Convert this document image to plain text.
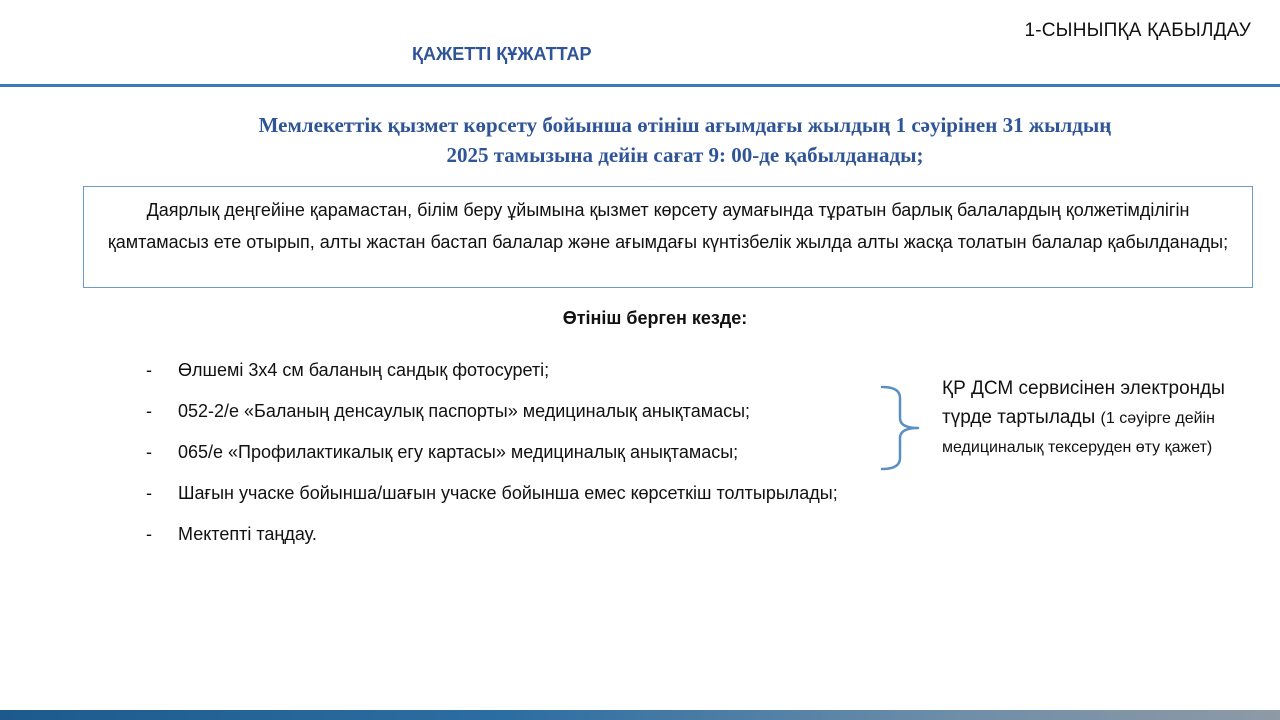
1-СЫНЫПҚА ҚАБЫЛДАУ
ҚАЖЕТТІ ҚҰЖАТТАР
Мемлекеттік қызмет көрсету бойынша өтініш ағымдағы жылдың 1 сәуірінен 31 жылдың
2025 тамызына дейін сағат 9: 00-де қабылданады;

Даярлық деңгейіне қарамастан, білім беру ұйымына қызмет көрсету аумағында тұратын барлық балалардың қолжетімділігін қамтамасыз ете отырып, алты жастан бастап балалар және ағымдағы күнтізбелік жылда алты жасқа толатын балалар қабылданады;

Өтініш берген кезде:
- Өлшемі 3х4 см баланың сандық фотосуреті;
- 052-2/е «Баланың денсаулық паспорты» медициналық анықтамасы;
- 065/е «Профилактикалық егу картасы» медициналық анықтамасы;
- Шағын учаске бойынша/шағын учаске бойынша емес көрсеткіш толтырылады;
- Мектепті таңдау.
ҚР ДСМ сервисінен электронды түрде тартылады (1 сәуірге дейін медициналық тексеруден өту қажет)
